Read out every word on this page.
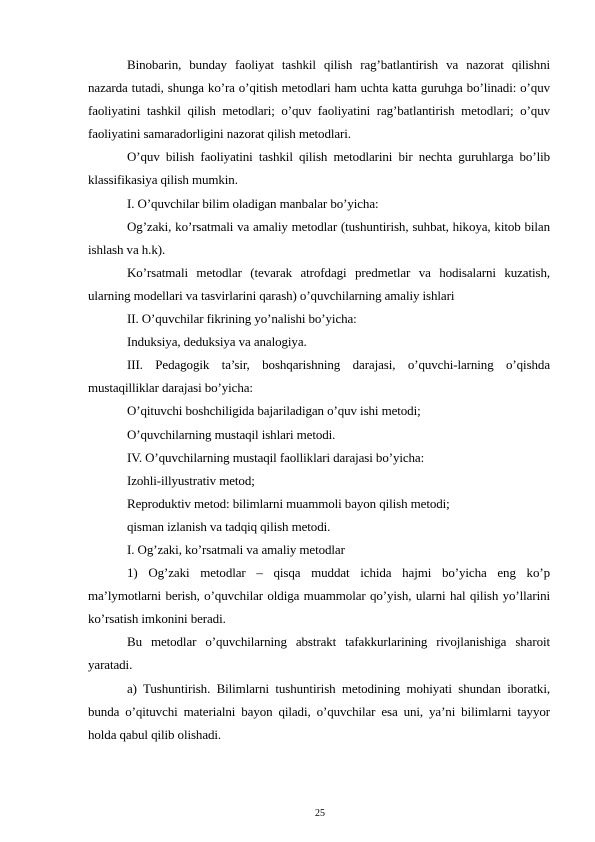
Binobarin, bunday faoliyat tashkil qilish rag’batlantirish va nazorat qilishni nazarda tutadi, shunga ko’ra o’qitish metodlari ham uchta katta guruhga bo’linadi: o’quv faoliyatini tashkil qilish metodlari; o’quv faoliyatini rag’batlantirish metodlari; o’quv faoliyatini samaradorligini nazorat qilish metodlari.

O’quv bilish faoliyatini tashkil qilish metodlarini bir nechta guruhlarga bo’lib klassifikasiya qilish mumkin.

I. O’quvchilar bilim oladigan manbalar bo’yicha:

Og’zaki, ko’rsatmali va amaliy metodlar (tushuntirish, suhbat, hikoya, kitob bilan ishlash va h.k).

Ko’rsatmali metodlar (tevarak atrofdagi predmetlar va hodisalarni kuzatish, ularning modellari va tasvirlarini qarash) o’quvchilarning amaliy ishlari

II. O’quvchilar fikrining yo’nalishi bo’yicha:

Induksiya, deduksiya va analogiya.

III. Pedagogik ta’sir, boshqarishning darajasi, o’quvchi-larning o’qishda mustaqilliklar darajasi bo’yicha:

O’qituvchi boshchiligida bajariladigan o’quv ishi metodi;

O’quvchilarning mustaqil ishlari metodi.

IV. O’quvchilarning mustaqil faolliklari darajasi bo’yicha:

Izohli-illyustrativ metod;

Reproduktiv metod: bilimlarni muammoli bayon qilish metodi;

qisman izlanish va tadqiq qilish metodi.

I. Og’zaki, ko’rsatmali va amaliy metodlar

1) Og’zaki metodlar – qisqa muddat ichida hajmi bo’yicha eng ko’p ma’lymotlarni berish, o’quvchilar oldiga muammolar qo’yish, ularni hal qilish yo’llarini ko’rsatish imkonini beradi.

Bu metodlar o’quvchilarning abstrakt tafakkurlarining rivojlanishiga sharoit yaratadi.

a) Tushuntirish. Bilimlarni tushuntirish metodining mohiyati shundan iboratki, bunda o’qituvchi materialni bayon qiladi, o’quvchilar esa uni, ya’ni bilimlarni tayyor holda qabul qilib olishadi.

25
